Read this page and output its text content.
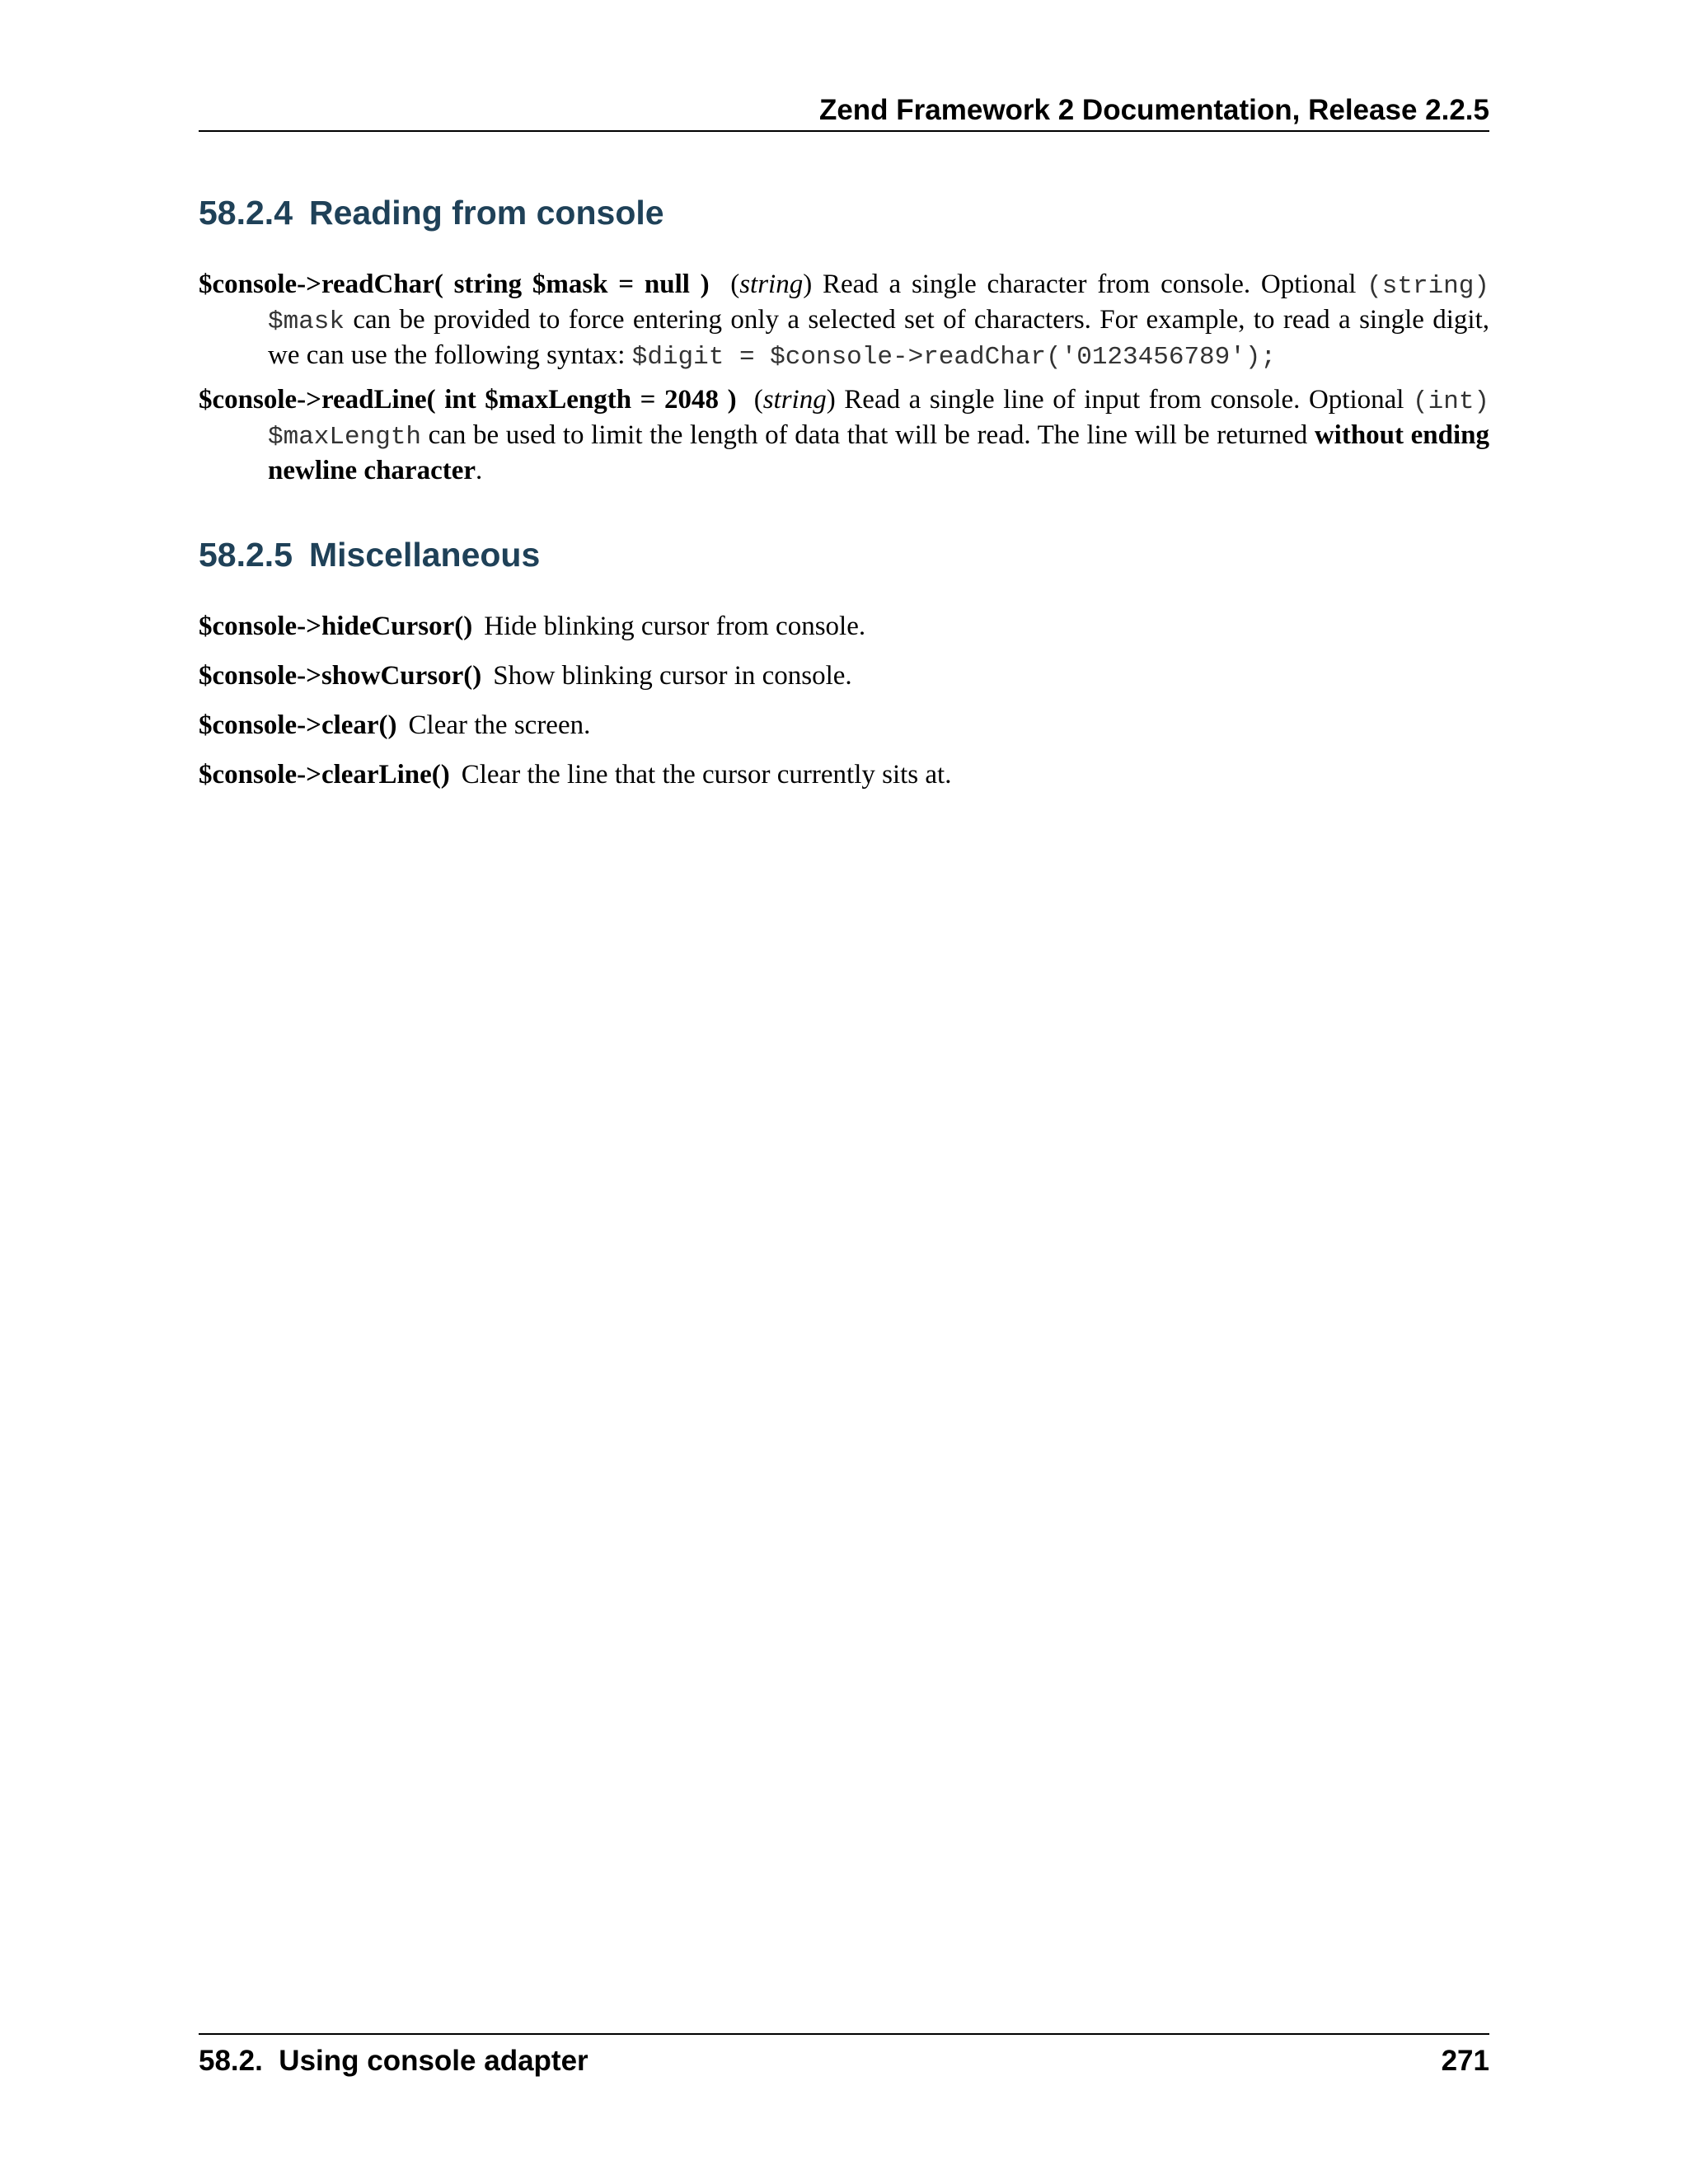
Zend Framework 2 Documentation, Release 2.2.5
58.2.4 Reading from console
$console->readChar( string $mask = null ) (string) Read a single character from console. Optional (string)
$mask can be provided to force entering only a selected set of characters. For example, to read a single digit,
we can use the following syntax: $digit = $console->readChar('0123456789');
$console->readLine( int $maxLength = 2048 ) (string) Read a single line of input from console. Optional (int)
$maxLength can be used to limit the length of data that will be read. The line will be returned without ending
newline character.
58.2.5 Miscellaneous
$console->hideCursor() Hide blinking cursor from console.
$console->showCursor() Show blinking cursor in console.
$console->clear() Clear the screen.
$console->clearLine() Clear the line that the cursor currently sits at.
58.2.  Using console adapter	271
